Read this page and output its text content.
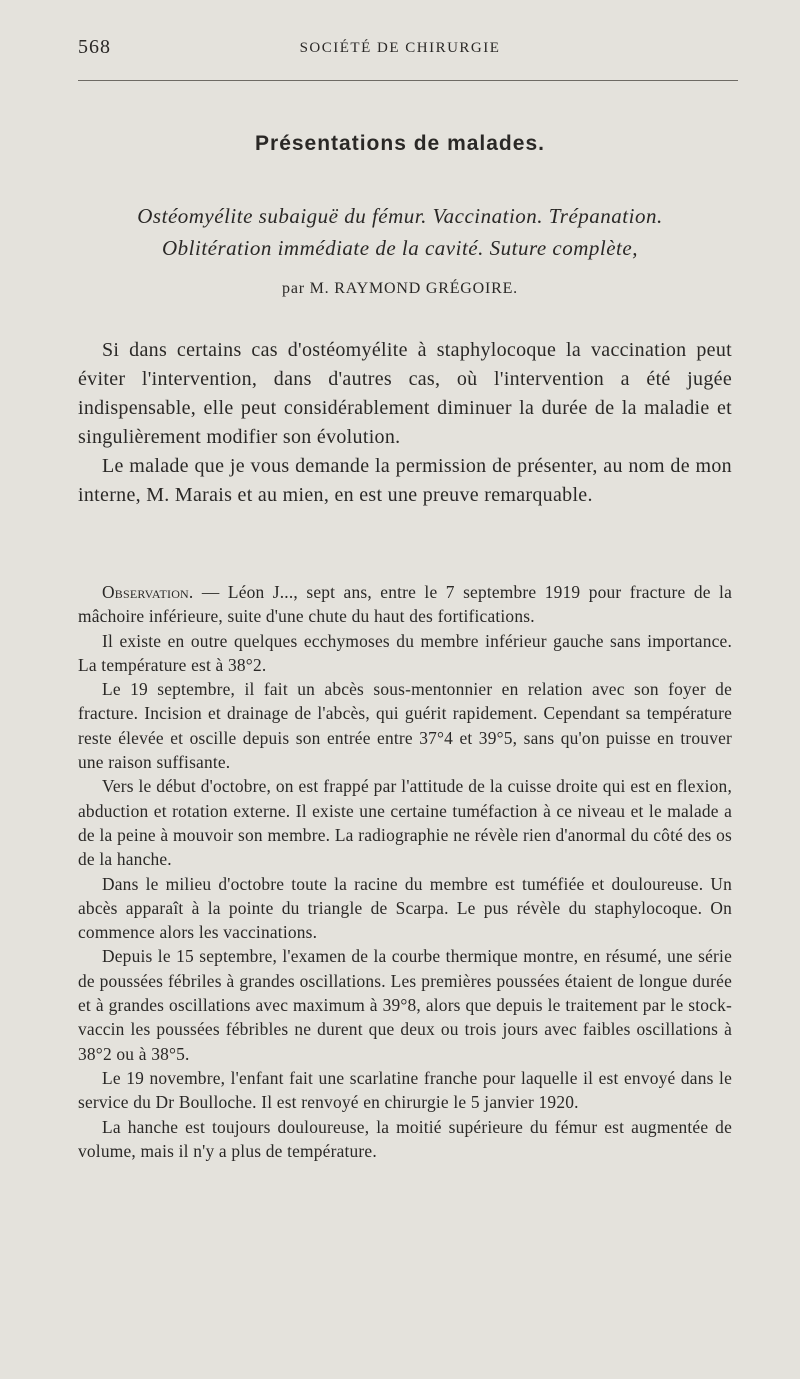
568	SOCIÉTÉ DE CHIRURGIE
Présentations de malades.
Ostéomyélite subaiguë du fémur. Vaccination. Trépanation.
Oblitération immédiate de la cavité. Suture complète,
par M. RAYMOND GRÉGOIRE.

Si dans certains cas d'ostéomyélite à staphylocoque la vaccination peut éviter l'intervention, dans d'autres cas, où l'intervention a été jugée indispensable, elle peut considérablement diminuer la durée de la maladie et singulièrement modifier son évolution.

Le malade que je vous demande la permission de présenter, au nom de mon interne, M. Marais et au mien, en est une preuve remarquable.

Observation. — Léon J..., sept ans, entre le 7 septembre 1919 pour fracture de la mâchoire inférieure, suite d'une chute du haut des fortifications.

Il existe en outre quelques ecchymoses du membre inférieur gauche sans importance. La température est à 38°2.

Le 19 septembre, il fait un abcès sous-mentonnier en relation avec son foyer de fracture. Incision et drainage de l'abcès, qui guérit rapidement. Cependant sa température reste élevée et oscille depuis son entrée entre 37°4 et 39°5, sans qu'on puisse en trouver une raison suffisante.

Vers le début d'octobre, on est frappé par l'attitude de la cuisse droite qui est en flexion, abduction et rotation externe. Il existe une certaine tuméfaction à ce niveau et le malade a de la peine à mouvoir son membre. La radiographie ne révèle rien d'anormal du côté des os de la hanche.

Dans le milieu d'octobre toute la racine du membre est tuméfiée et douloureuse. Un abcès apparaît à la pointe du triangle de Scarpa. Le pus révèle du staphylocoque. On commence alors les vaccinations.

Depuis le 15 septembre, l'examen de la courbe thermique montre, en résumé, une série de poussées fébriles à grandes oscillations. Les premières poussées étaient de longue durée et à grandes oscillations avec maximum à 39°8, alors que depuis le traitement par le stock-vaccin les poussées fébribles ne durent que deux ou trois jours avec faibles oscillations à 38°2 ou à 38°5.

Le 19 novembre, l'enfant fait une scarlatine franche pour laquelle il est envoyé dans le service du Dr Boulloche. Il est renvoyé en chirurgie le 5 janvier 1920.

La hanche est toujours douloureuse, la moitié supérieure du fémur est augmentée de volume, mais il n'y a plus de température.
